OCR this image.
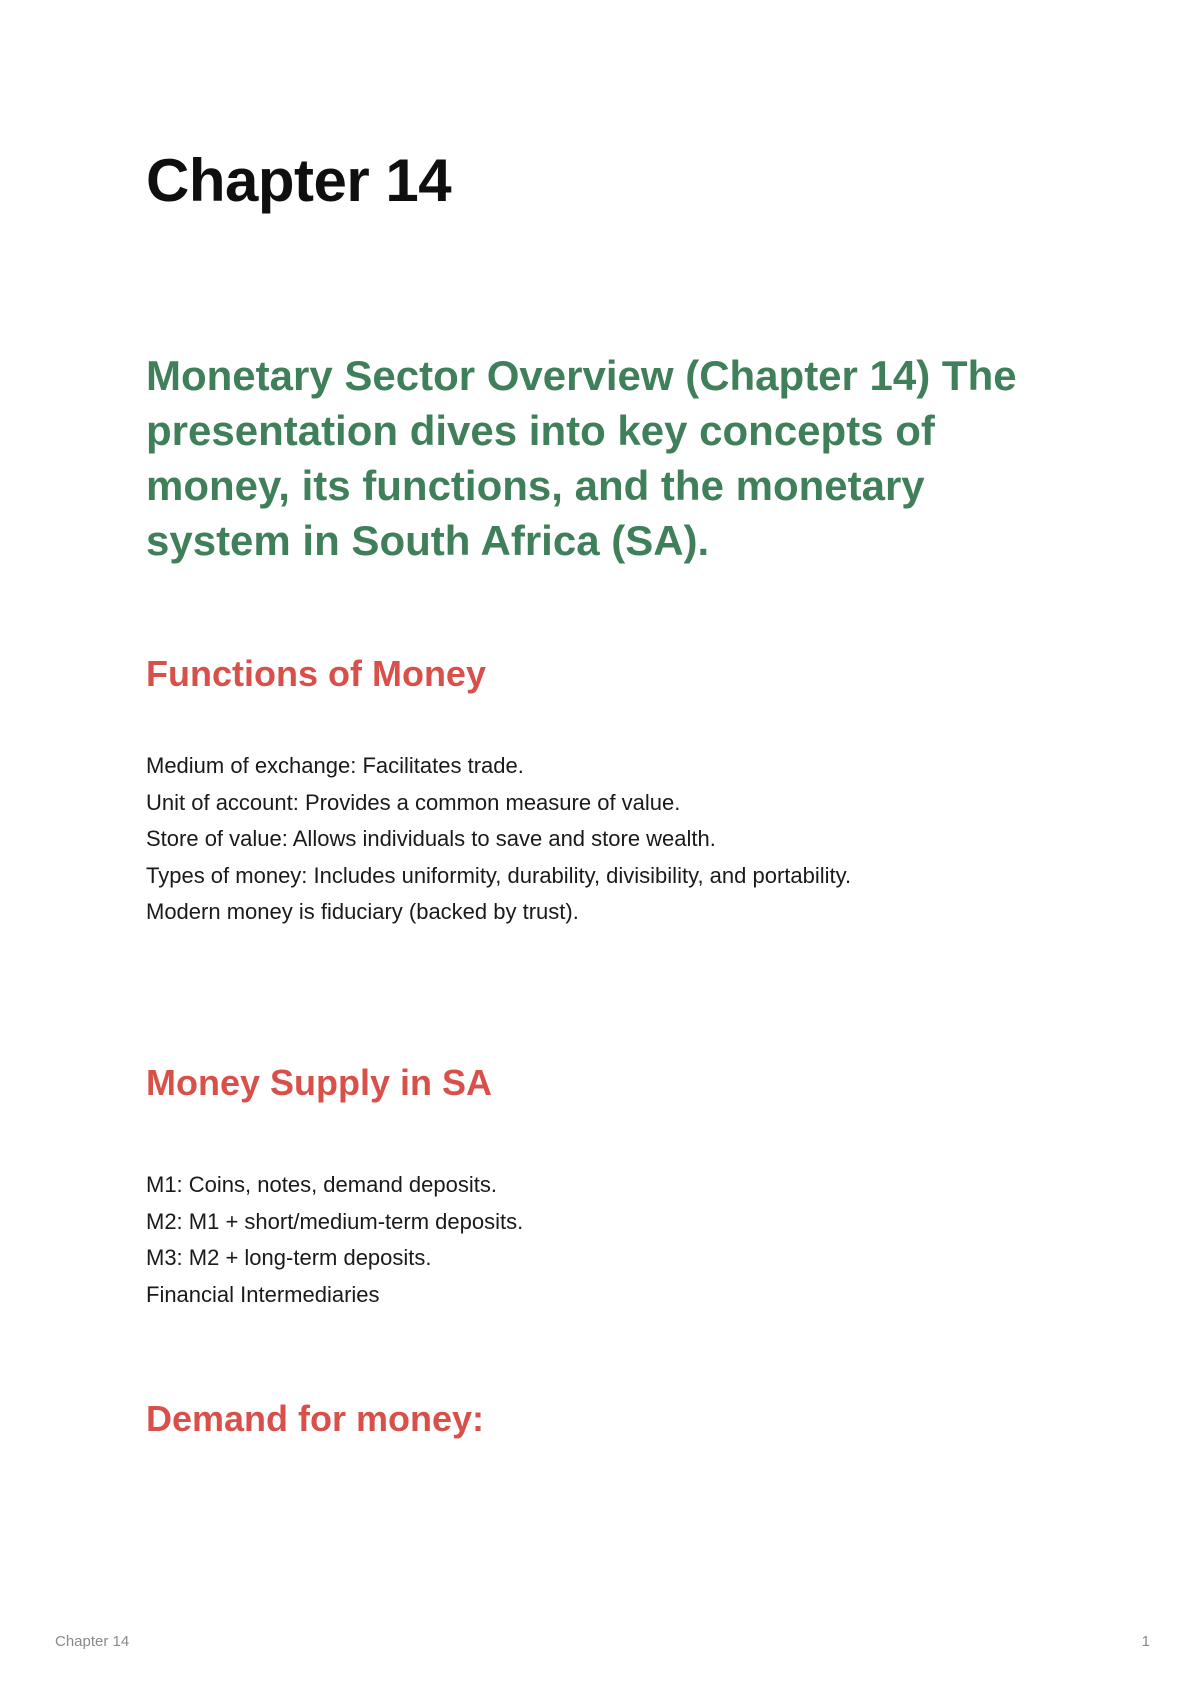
Chapter 14

Monetary Sector Overview (Chapter 14) The presentation dives into key concepts of money, its functions, and the monetary system in South Africa (SA).

Functions of Money
Medium of exchange: Facilitates trade.
Unit of account: Provides a common measure of value.
Store of value: Allows individuals to save and store wealth.
Types of money: Includes uniformity, durability, divisibility, and portability.
Modern money is fiduciary (backed by trust).
Money Supply in SA
M1: Coins, notes, demand deposits.
M2: M1 + short/medium-term deposits.
M3: M2 + long-term deposits.
Financial Intermediaries
Demand for money:
Chapter 14	1
